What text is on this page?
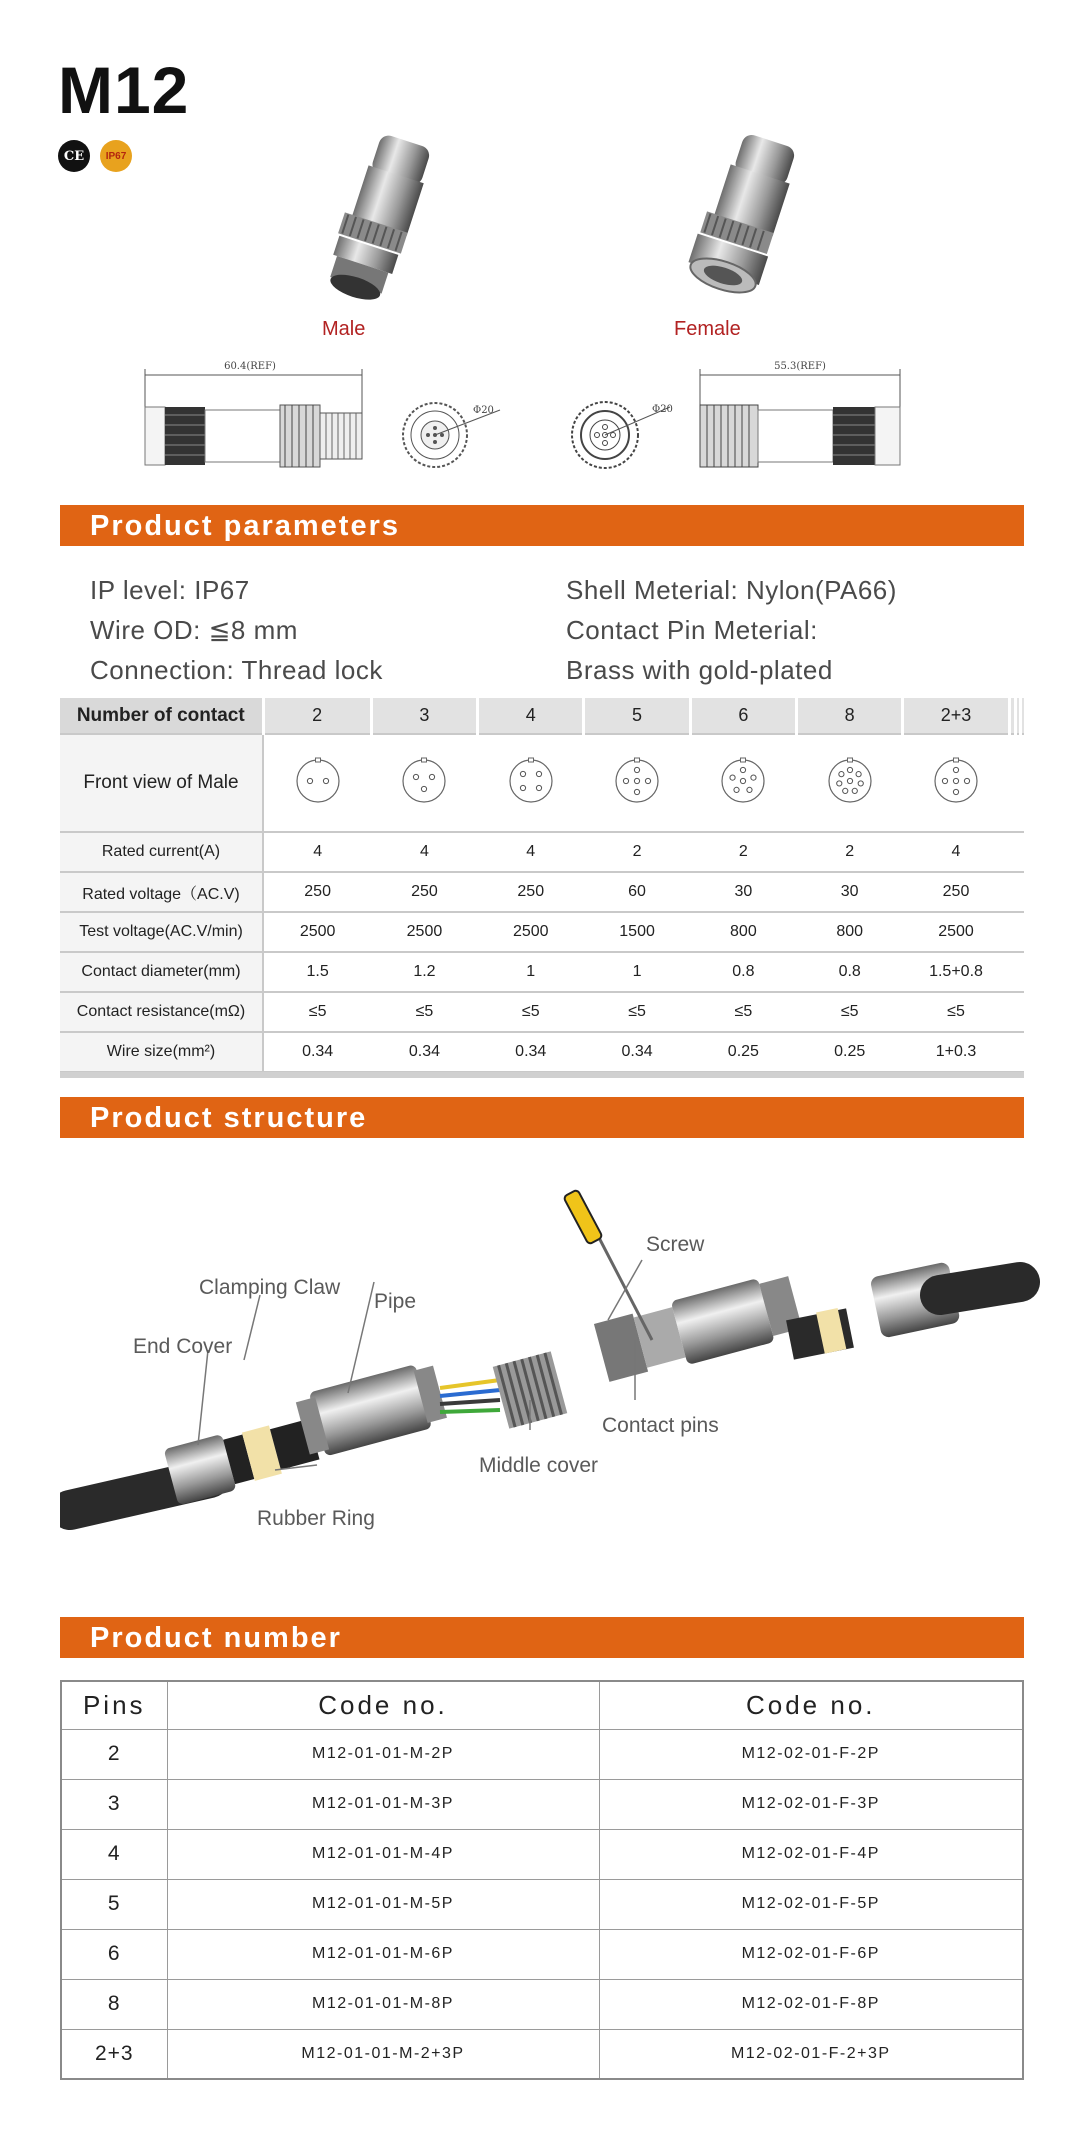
M12
CE	IP67
Male	Female
60.4(REF)
Φ20	Φ20
55.3(REF)
Product parameters
IP level: IP67
Wire OD: ≦8 mm
Connection: Thread lock
Shell Meterial: Nylon(PA66)
Contact Pin Meterial:
Brass with gold-plated
Number of contact	2	3	4	5	6	8	2+3			
Front view of Male										
Rated current(A)	4	4	4	2	2	2	4			
Rated voltage（AC.V)	250	250	250	60	30	30	250			
Test voltage(AC.V/min)	2500	2500	2500	1500	800	800	2500			
Contact diameter(mm)	1.5	1.2	1	1	0.8	0.8	1.5+0.8			
Contact resistance(mΩ)	≤5	≤5	≤5	≤5	≤5	≤5	≤5			
Wire size(mm²)	0.34	0.34	0.34	0.34	0.25	0.25	1+0.3			
Product structure
Screw
Clamping Claw
Pipe
End Cover
Contact pins
Middle cover
Rubber Ring
Product number
Pins	Code no.	Code no.
2	M12-01-01-M-2P	M12-02-01-F-2P
3	M12-01-01-M-3P	M12-02-01-F-3P
4	M12-01-01-M-4P	M12-02-01-F-4P
5	M12-01-01-M-5P	M12-02-01-F-5P
6	M12-01-01-M-6P	M12-02-01-F-6P
8	M12-01-01-M-8P	M12-02-01-F-8P
2+3	M12-01-01-M-2+3P	M12-02-01-F-2+3P
